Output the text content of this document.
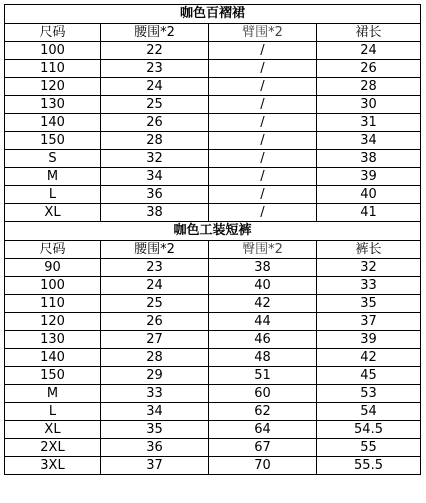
咖色百褶裙			
尺码	腰围*2	臂围*2	裙长
100	22	/	24
110	23	/	26
120	24	/	28
130	25	/	30
140	26	/	31
150	28	/	34
S	32	/	38
M	34	/	39
L	36	/	40
XL	38	/	41
咖色工装短裤			
尺码	腰围*2	臀围*2	裤长
90	23	38	32
100	24	40	33
110	25	42	35
120	26	44	37
130	27	46	39
140	28	48	42
150	29	51	45
M	33	60	53
L	34	62	54
XL	35	64	54.5
2XL	36	67	55
3XL	37	70	55.5
